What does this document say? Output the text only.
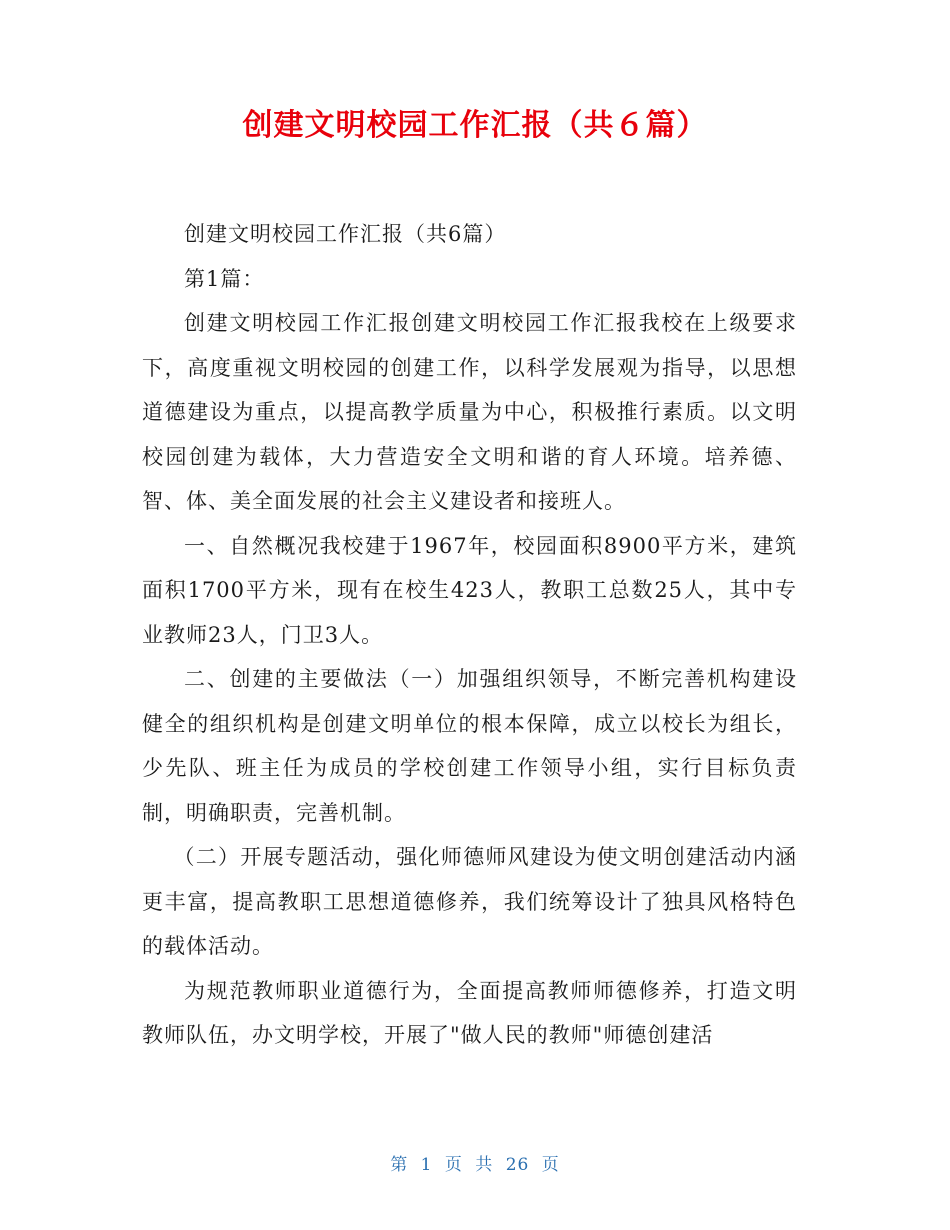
创建文明校园工作汇报（共６篇）

创建文明校园工作汇报（共6篇）

第1篇：

创建文明校园工作汇报创建文明校园工作汇报我校在上级要求下，高度重视文明校园的创建工作，以科学发展观为指导，以思想道德建设为重点，以提高教学质量为中心，积极推行素质。以文明校园创建为载体，大力营造安全文明和谐的育人环境。培养德、智、体、美全面发展的社会主义建设者和接班人。

一、自然概况我校建于1967年，校园面积8900平方米，建筑面积1700平方米，现有在校生423人，教职工总数25人，其中专业教师23人，门卫3人。

二、创建的主要做法（一）加强组织领导，不断完善机构建设健全的组织机构是创建文明单位的根本保障，成立以校长为组长，少先队、班主任为成员的学校创建工作领导小组，实行目标负责制，明确职责，完善机制。

（二）开展专题活动，强化师德师风建设为使文明创建活动内涵更丰富，提高教职工思想道德修养，我们统筹设计了独具风格特色的载体活动。

为规范教师职业道德行为，全面提高教师师德修养，打造文明教师队伍，办文明学校，开展了"做人民的教师"师德创建活

第 1 页 共 26 页
